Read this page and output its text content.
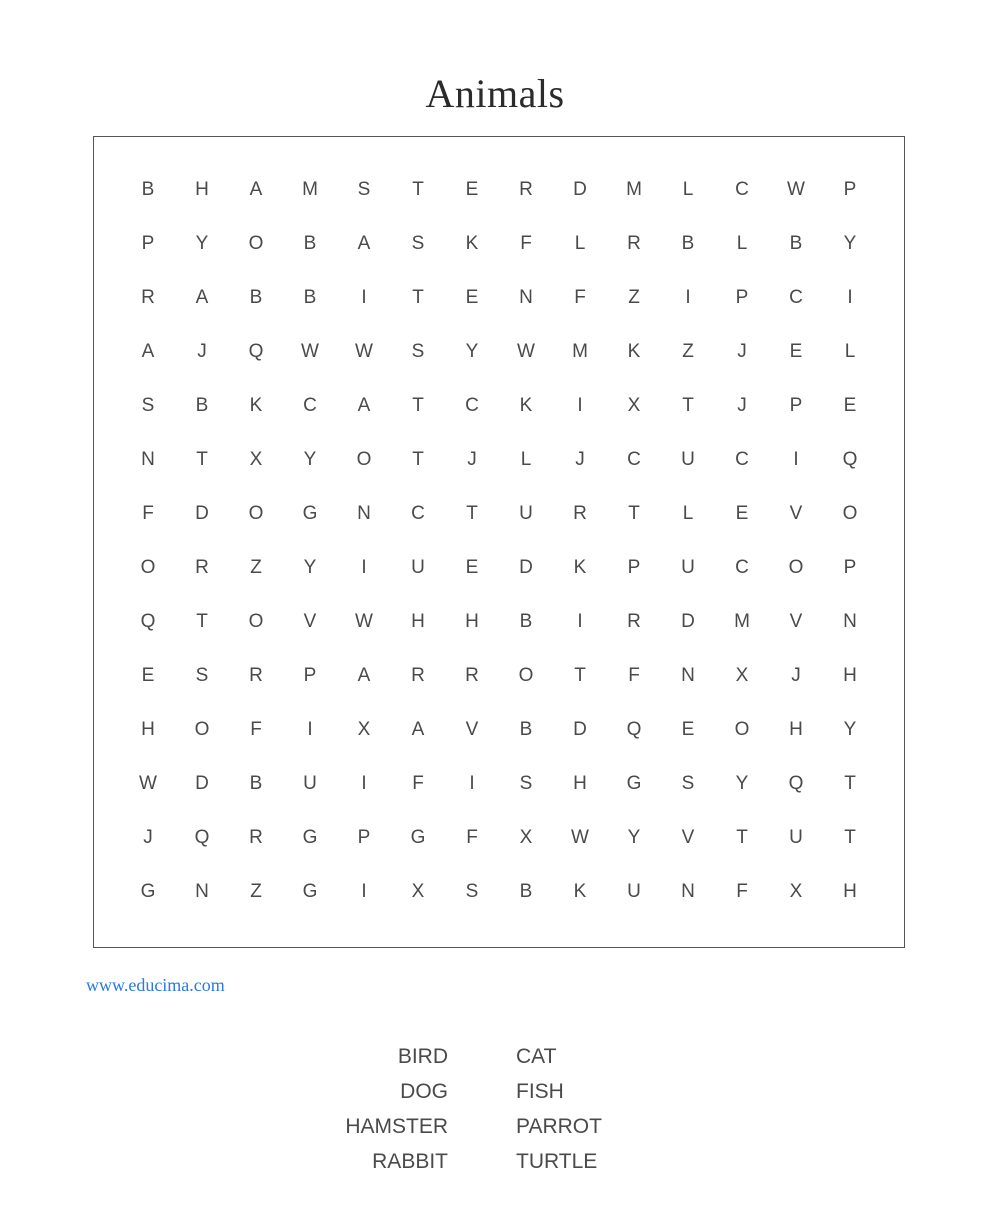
Animals
B	H	A	M	S	T	E	R	D	M	L	C	W	P
P	Y	O	B	A	S	K	F	L	R	B	L	B	Y
R	A	B	B	I	T	E	N	F	Z	I	P	C	I
A	J	Q	W	W	S	Y	W	M	K	Z	J	E	L
S	B	K	C	A	T	C	K	I	X	T	J	P	E
N	T	X	Y	O	T	J	L	J	C	U	C	I	Q
F	D	O	G	N	C	T	U	R	T	L	E	V	O
O	R	Z	Y	I	U	E	D	K	P	U	C	O	P
Q	T	O	V	W	H	H	B	I	R	D	M	V	N
E	S	R	P	A	R	R	O	T	F	N	X	J	H
H	O	F	I	X	A	V	B	D	Q	E	O	H	Y
W	D	B	U	I	F	I	S	H	G	S	Y	Q	T
J	Q	R	G	P	G	F	X	W	Y	V	T	U	T
G	N	Z	G	I	X	S	B	K	U	N	F	X	H
www.educima.com
BIRD	CAT
DOG	FISH
HAMSTER	PARROT
RABBIT	TURTLE
